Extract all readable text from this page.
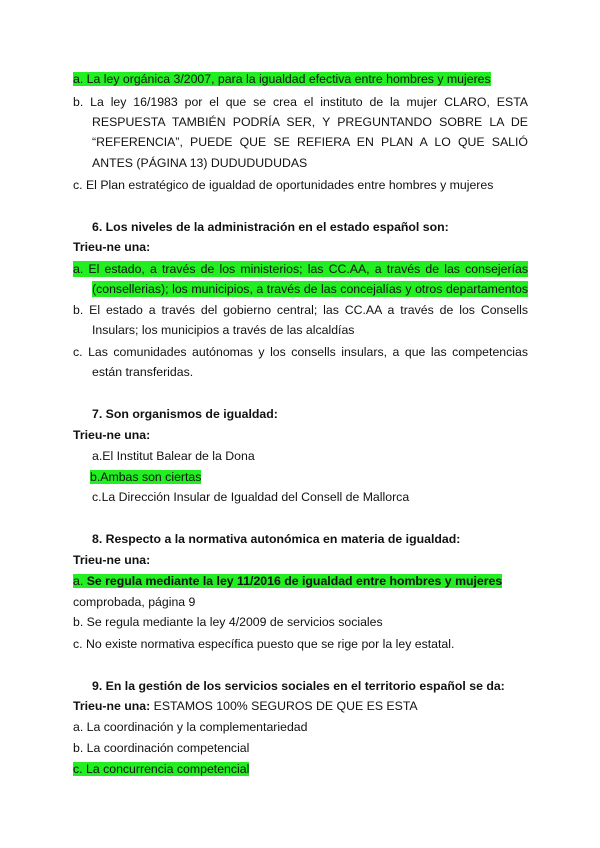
a. La ley orgánica 3/2007, para la igualdad efectiva entre hombres y mujeres
b. La ley 16/1983 por el que se crea el instituto de la mujer CLARO, ESTA
RESPUESTA TAMBIÉN PODRÍA SER, Y PREGUNTANDO SOBRE LA DE
“REFERENCIA”, PUEDE QUE SE REFIERA EN PLAN A LO QUE SALIÓ
ANTES (PÁGINA 13) DUDUDUDUDAS
c. El Plan estratégico de igualdad de oportunidades entre hombres y mujeres
6. Los niveles de la administración en el estado español son:
Trieu-ne una:
a. El estado, a través de los ministerios; las CC.AA, a través de las consejerías
(consellerias); los municipios, a través de las concejalías y otros departamentos
b. El estado a través del gobierno central; las CC.AA a través de los Consells
Insulars; los municipios a través de las alcaldías
c. Las comunidades autónomas y los consells insulars, a que las competencias
están transferidas.
7. Son organismos de igualdad:
Trieu-ne una:
a.El Institut Balear de la Dona
b.Ambas son ciertas
c.La Dirección Insular de Igualdad del Consell de Mallorca
8. Respecto a la normativa autonómica en materia de igualdad:
Trieu-ne una:
a. Se regula mediante la ley 11/2016 de igualdad entre hombres y mujeres
comprobada, página 9
b. Se regula mediante la ley 4/2009 de servicios sociales
c. No existe normativa específica puesto que se rige por la ley estatal.
9. En la gestión de los servicios sociales en el territorio español se da:
Trieu-ne una: ESTAMOS 100% SEGUROS DE QUE ES ESTA
a. La coordinación y la complementariedad
b. La coordinación competencial
c. La concurrencia competencial
